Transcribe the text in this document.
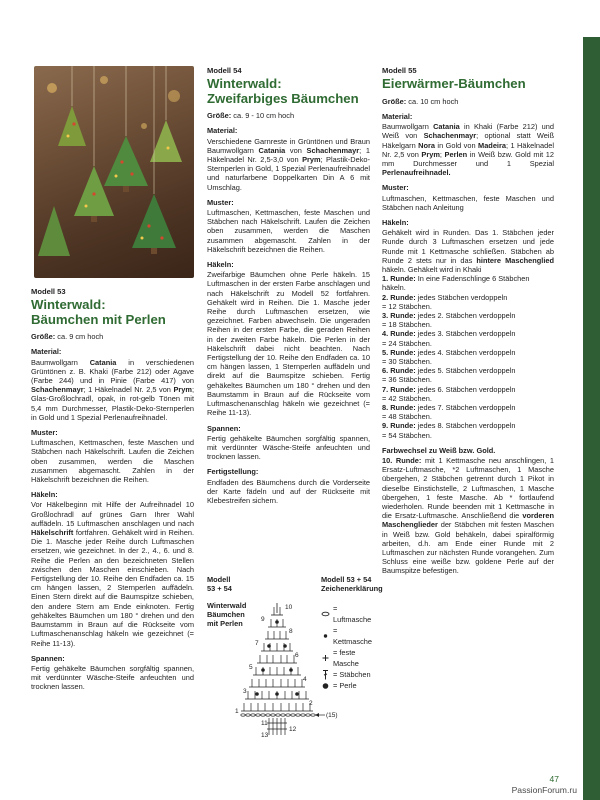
Modell 53
Winterwald:
Bäumchen mit Perlen
Größe: ca. 9 cm hoch
Material:
Baumwollgarn Catania in verschiedenen Grüntönen z. B. Khaki (Farbe 212) oder Agave (Farbe 244) und in Pinie (Farbe 417) von Schachenmayr; 1 Häkelnadel Nr. 2,5 von Prym; Glas-Großlochradl, opak, in rot-gelb Tönen mit 5,4 mm Durchmesser, Plastik-Deko-Sternperlen in Gold und 1 Spezial Perlenaufreihnadel.
Muster:
Luftmaschen, Kettmaschen, feste Maschen und Stäbchen nach Häkelschrift. Laufen die Zeichen oben zusammen, werden die Maschen zusammen abgemascht. Zahlen in der Häkelschrift bezeichnen die Reihen.
Häkeln:
Vor Häkelbeginn mit Hilfe der Aufreihnadel 10 Großlochradl auf grünes Garn Ihrer Wahl auffädeln. 15 Luftmaschen anschlagen und nach Häkelschrift fortfahren. Gehäkelt wird in Reihen. Die 1. Masche jeder Reihe durch Luftmaschen ersetzen, wie gezeichnet. In der 2., 4., 6. und 8. Reihe die Perlen an den bezeichneten Stellen zwischen den Maschen einschieben. Nach Fertigstellung der 10. Reihe den Endfaden ca. 15 cm hängen lassen, 2 Sternperlen auffädeln. Einen Stern direkt auf die Baumspitze schieben, den andere Stern am Ende einknoten. Fertig gehäkeltes Bäumchen um 180 ° drehen und den Baumstamm in Braun auf die Rückseite vom Luftmaschenanschlag häkeln wie gezeichnet (= Reihe 11-13).
Spannen:
Fertig gehäkelte Bäumchen sorgfältig spannen, mit verdünnter Wäsche-Steife anfeuchten und trocknen lassen.
Modell 54
Winterwald:
Zweifarbiges Bäumchen
Größe: ca. 9 - 10 cm hoch
Material:
Verschiedene Garnreste in Grüntönen und Braun Baumwollgarn Catania von Schachenmayr; 1 Häkelnadel Nr. 2,5-3,0 von Prym; Plastik-Deko-Sternperlen in Gold, 1 Spezial Perlenaufreihnadel und naturfarbene Doppelkarten Din A 6 mit Umschlag.
Muster:
Luftmaschen, Kettmaschen, feste Maschen und Stäbchen nach Häkelschrift. Laufen die Zeichen oben zusammen, werden die Maschen zusammen abgemascht. Zahlen in der Häkelschrift bezeichnen die Reihen.
Häkeln:
Zweifarbige Bäumchen ohne Perle häkeln. 15 Luftmaschen in der ersten Farbe anschlagen und nach Häkelschrift zu Modell 52 fortfahren. Gehäkelt wird in Reihen. Die 1. Masche jeder Reihe durch Luftmaschen ersetzen, wie gezeichnet. Farben abwechseln. Die ungeraden Reihen in der ersten Farbe, die geraden Reihen in der zweiten Farbe häkeln. Die Perlen in der Häkelschrift dabei nicht beachten. Nach Fertigstellung der 10. Reihe den Endfaden ca. 10 cm hängen lassen, 1 Sternperlen auffädeln und direkt auf die Baumspitze schieben. Fertig gehäkeltes Bäumchen um 180 ° drehen und den Baumstamm in Braun auf die Rückseite vom Luftmaschenanschlag häkeln wie gezeichnet (= Reihe 11-13).
Spannen:
Fertig gehäkelte Bäumchen sorgfältig spannen, mit verdünnter Wäsche-Steife anfeuchten und trocknen lassen.
Fertigstellung:
Endfaden des Bäumchens durch die Vorderseite der Karte fädeln und auf der Rückseite mit Klebestreifen sichern.
Modell
53 + 54
Winterwald
Bäumchen
mit Perlen
Modell 53 + 54
Zeichenerklärung
= Luftmasche
= Kettmasche
= feste Masche
= Stäbchen
= Perle
10
9
8
7
6
5
4
3
2
1
11
12
13
(15)
Modell 55
Eierwärmer-Bäumchen
Größe: ca. 10 cm hoch
Material:
Baumwollgarn Catania in Khaki (Farbe 212) und Weiß von Schachenmayr; optional statt Weiß Häkelgarn Nora in Gold von Madeira; 1 Häkelnadel Nr. 2,5 von Prym; Perlen in Weiß bzw. Gold mit 12 mm Durchmesser und 1 Spezial Perlenaufreihnadel.
Muster:
Luftmaschen, Kettmaschen, feste Maschen und Stäbchen nach Anleitung
Häkeln:
Gehäkelt wird in Runden. Das 1. Stäbchen jeder Runde durch 3 Luftmaschen ersetzen und jede Runde mit 1 Kettmasche schließen. Stäbchen ab Runde 2 stets nur in das hintere Maschenglied häkeln. Gehäkelt wird in Khaki
1. Runde: In eine Fadenschlinge 6 Stäbchen häkeln.
2. Runde: jedes Stäbchen verdoppeln
= 12 Stäbchen.
3. Runde: jedes 2. Stäbchen verdoppeln
= 18 Stäbchen.
4. Runde: jedes 3. Stäbchen verdoppeln
= 24 Stäbchen.
5. Runde: jedes 4. Stäbchen verdoppeln
= 30 Stäbchen.
6. Runde: jedes 5. Stäbchen verdoppeln
= 36 Stäbchen.
7. Runde: jedes 6. Stäbchen verdoppeln
= 42 Stäbchen.
8. Runde: jedes 7. Stäbchen verdoppeln
= 48 Stäbchen.
9. Runde: jedes 8. Stäbchen verdoppeln
= 54 Stäbchen.
Farbwechsel zu Weiß bzw. Gold.
10. Runde: mit 1 Kettmasche neu anschlingen, 1 Ersatz-Luftmasche, *2 Luftmaschen, 1 Masche übergehen, 2 Stäbchen getrennt durch 1 Pikot in dieselbe Einstichstelle, 2 Luftmaschen, 1 Masche übergehen, 1 feste Masche. Ab * fortlaufend wiederholen. Runde beenden mit 1 Kettmasche in die Ersatz-Luftmasche. Anschließend die vorderen Maschenglieder der Stäbchen mit festen Maschen in Weiß bzw. Gold behäkeln, dabei spiralförmig arbeiten, d.h. am Ende einer Runde mit 2 Luftmaschen zur nächsten Runde vorangehen. Zum Schluss eine weiße bzw. goldene Perle auf der Baumspitze befestigen.
47
PassionForum.ru
